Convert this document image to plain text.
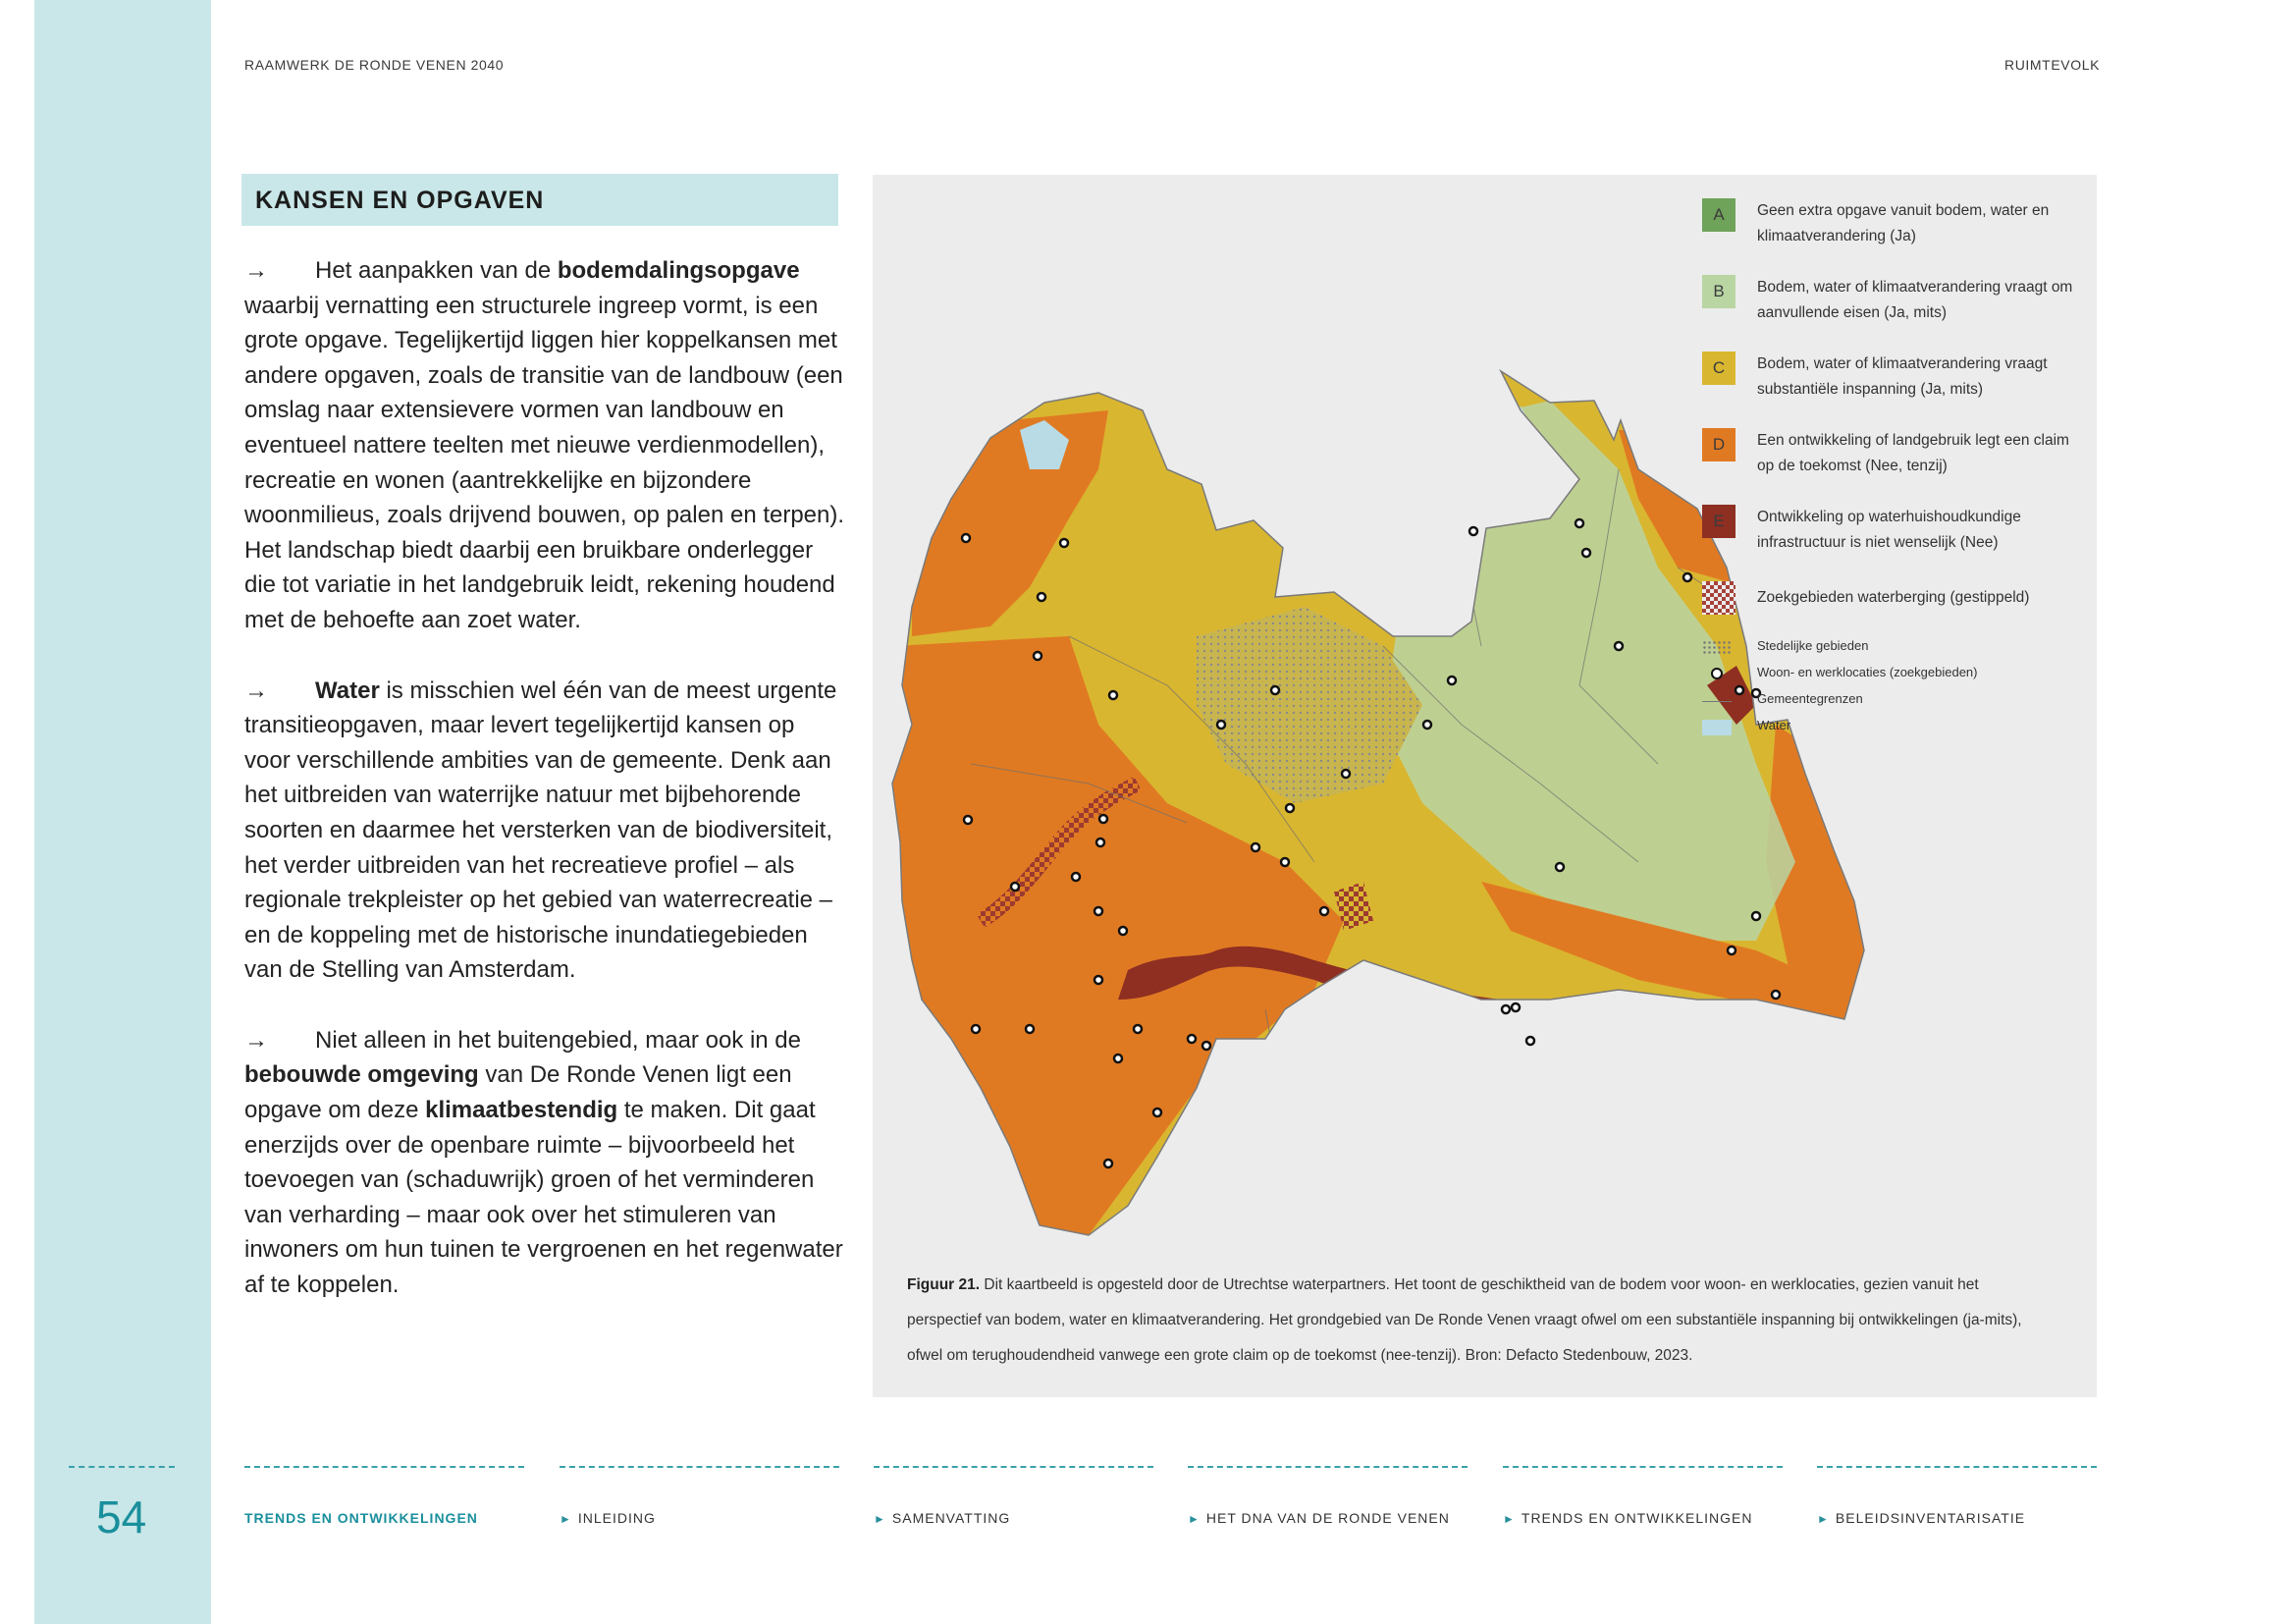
RAAMWERK DE RONDE VENEN 2040	RUIMTEVOLK
KANSEN EN OPGAVEN

→ Het aanpakken van de bodemdalingsopgave waarbij vernatting een structurele ingreep vormt, is een grote opgave. Tegelijkertijd liggen hier koppelkansen met andere opgaven, zoals de transitie van de landbouw (een omslag naar extensievere vormen van landbouw en eventueel nattere teelten met nieuwe verdienmodellen), recreatie en wonen (aantrekkelijke en bijzondere woonmilieus, zoals drijvend bouwen, op palen en terpen). Het landschap biedt daarbij een bruikbare onderlegger die tot variatie in het landgebruik leidt, rekening houdend met de behoefte aan zoet water.

→ Water is misschien wel één van de meest urgente transitieopgaven, maar levert tegelijkertijd kansen op voor verschillende ambities van de gemeente. Denk aan het uitbreiden van waterrijke natuur met bijbehorende soorten en daarmee het versterken van de biodiversiteit, het verder uitbreiden van het recreatieve profiel – als regionale trekpleister op het gebied van waterrecreatie – en de koppeling met de historische inundatiegebieden van de Stelling van Amsterdam.

→ Niet alleen in het buitengebied, maar ook in de bebouwde omgeving van De Ronde Venen ligt een opgave om deze klimaatbestendig te maken. Dit gaat enerzijds over de openbare ruimte – bijvoorbeeld het toevoegen van (schaduwrijk) groen of het verminderen van verharding – maar ook over het stimuleren van inwoners om hun tuinen te vergroenen en het regenwater af te koppelen.

A	Geen extra opgave vanuit bodem, water en klimaatverandering (Ja)
B	Bodem, water of klimaatverandering vraagt om aanvullende eisen (Ja, mits)
C	Bodem, water of klimaatverandering vraagt substantiële inspanning (Ja, mits)
D	Een ontwikkeling of landgebruik legt een claim op de toekomst (Nee, tenzij)
E	Ontwikkeling op waterhuishoudkundige infrastructuur is niet wenselijk (Nee)
Zoekgebieden waterberging (gestippeld)
Stedelijke gebieden
Woon- en werklocaties (zoekgebieden)
Gemeentegrenzen
Water
Figuur 21. Dit kaartbeeld is opgesteld door de Utrechtse waterpartners. Het toont de geschiktheid van de bodem voor woon- en werklocaties, gezien vanuit het perspectief van bodem, water en klimaatverandering. Het grondgebied van De Ronde Venen vraagt ofwel om een substantiële inspanning bij ontwikkelingen (ja-mits), ofwel om terughoudendheid vanwege een grote claim op de toekomst (nee-tenzij). Bron: Defacto Stedenbouw, 2023.
54	TRENDS EN ONTWIKKELINGEN	► INLEIDING	► SAMENVATTING	► HET DNA VAN DE RONDE VENEN	► TRENDS EN ONTWIKKELINGEN	► BELEIDSINVENTARISATIE
